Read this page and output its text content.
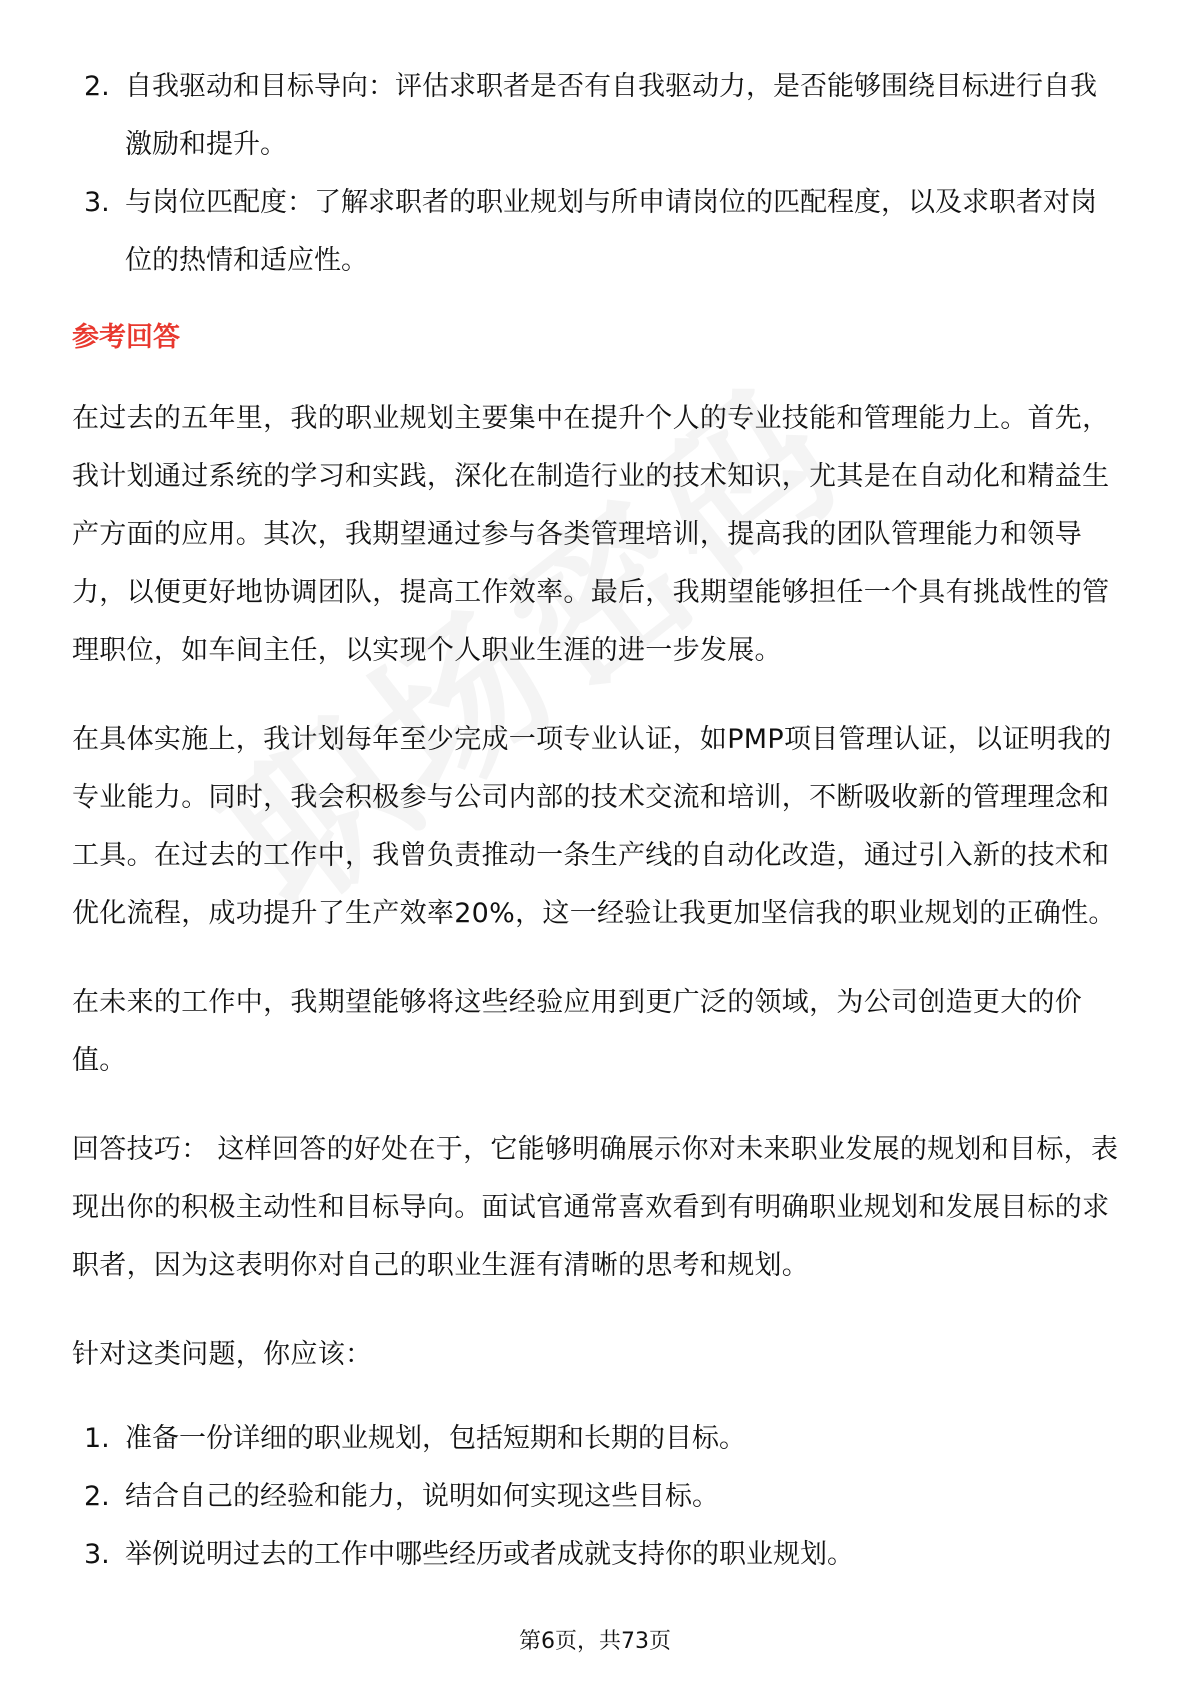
2. 自我驱动和目标导向：评估求职者是否有自我驱动力，是否能够围绕目标进行自我激励和提升。
3. 与岗位匹配度：了解求职者的职业规划与所申请岗位的匹配程度，以及求职者对岗位的热情和适应性。
参考回答

在过去的五年里，我的职业规划主要集中在提升个人的专业技能和管理能力上。首先，我计划通过系统的学习和实践，深化在制造行业的技术知识，尤其是在自动化和精益生产方面的应用。其次，我期望通过参与各类管理培训，提高我的团队管理能力和领导力，以便更好地协调团队，提高工作效率。最后，我期望能够担任一个具有挑战性的管理职位，如车间主任，以实现个人职业生涯的进一步发展。

在具体实施上，我计划每年至少完成一项专业认证，如PMP项目管理认证，以证明我的专业能力。同时，我会积极参与公司内部的技术交流和培训，不断吸收新的管理理念和工具。在过去的工作中，我曾负责推动一条生产线的自动化改造，通过引入新的技术和优化流程，成功提升了生产效率20%，这一经验让我更加坚信我的职业规划的正确性。

在未来的工作中，我期望能够将这些经验应用到更广泛的领域，为公司创造更大的价值。

回答技巧： 这样回答的好处在于，它能够明确展示你对未来职业发展的规划和目标，表现出你的积极主动性和目标导向。面试官通常喜欢看到有明确职业规划和发展目标的求职者，因为这表明你对自己的职业生涯有清晰的思考和规划。

针对这类问题，你应该：

1. 准备一份详细的职业规划，包括短期和长期的目标。
2. 结合自己的经验和能力，说明如何实现这些目标。
3. 举例说明过去的工作中哪些经历或者成就支持你的职业规划。
第6页，共73页
